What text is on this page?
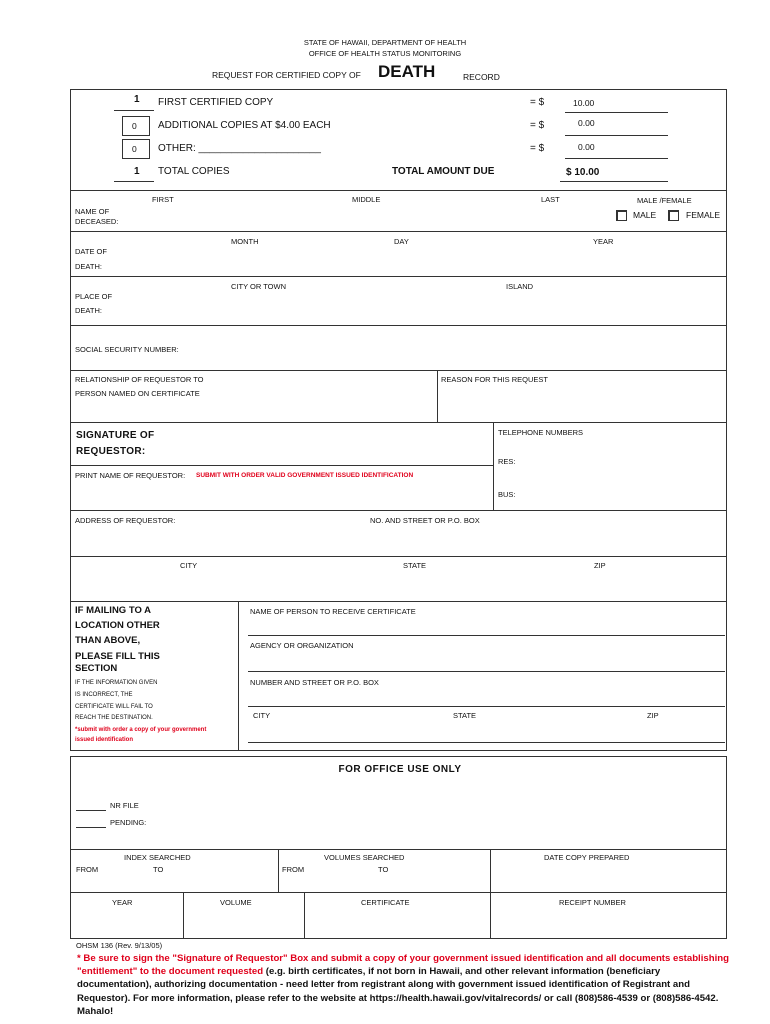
STATE OF HAWAII, DEPARTMENT OF HEALTH
OFFICE OF HEALTH STATUS MONITORING
REQUEST FOR CERTIFIED COPY OF DEATH	RECORD
1 FIRST CERTIFIED COPY	= $	10.00
0 ADDITIONAL COPIES AT $4.00 EACH	= $	0.00
0 OTHER: ______________________	= $	0.00
1 TOTAL COPIES	TOTAL AMOUNT DUE	$ 10.00
FIRST	MIDDLE	LAST	MALE /FEMALE
NAME OF
DECEASED:
MALE	FEMALE
MONTH	DAY	YEAR
DATE OF
DEATH:
CITY OR TOWN	ISLAND
PLACE OF
DEATH:
SOCIAL SECURITY NUMBER:
RELATIONSHIP OF REQUESTOR TO
PERSON NAMED ON CERTIFICATE
REASON FOR THIS REQUEST
SIGNATURE OF
REQUESTOR:
PRINT NAME OF REQUESTOR: SUBMIT WITH ORDER VALID GOVERNMENT ISSUED IDENTIFICATION
TELEPHONE NUMBERS
RES:
BUS:
ADDRESS OF REQUESTOR:	NO. AND STREET OR P.O. BOX
CITY	STATE	ZIP
IF MAILING TO A
LOCATION OTHER
THAN ABOVE,
PLEASE FILL THIS
SECTION
IF THE INFORMATION GIVEN
IS INCORRECT, THE
CERTIFICATE WILL FAIL TO
REACH THE DESTINATION.
*submit with order a copy of your government
issued identification
NAME OF PERSON TO RECEIVE CERTIFICATE
AGENCY OR ORGANIZATION
NUMBER AND STREET OR P.O. BOX
CITY	STATE	ZIP
FOR OFFICE USE ONLY
NR FILE
PENDING:
INDEX SEARCHED
FROM	TO
VOLUMES SEARCHED
FROM	TO
DATE COPY PREPARED
YEAR	VOLUME	CERTIFICATE	RECEIPT NUMBER
OHSM 136 (Rev. 9/13/05)
* Be sure to sign the "Signature of Requestor" Box and submit a copy of your government issued identification and all documents establishing "entitlement" to the document requested (e.g. birth certificates, if not born in Hawaii, and other relevant information (beneficiary documentation), authorizing documentation - need letter from registrant along with government issued identification of Registrant and Requestor). For more information, please refer to the website at https://health.hawaii.gov/vitalrecords/ or call (808)586-4539 or (808)586-4542. Mahalo!
